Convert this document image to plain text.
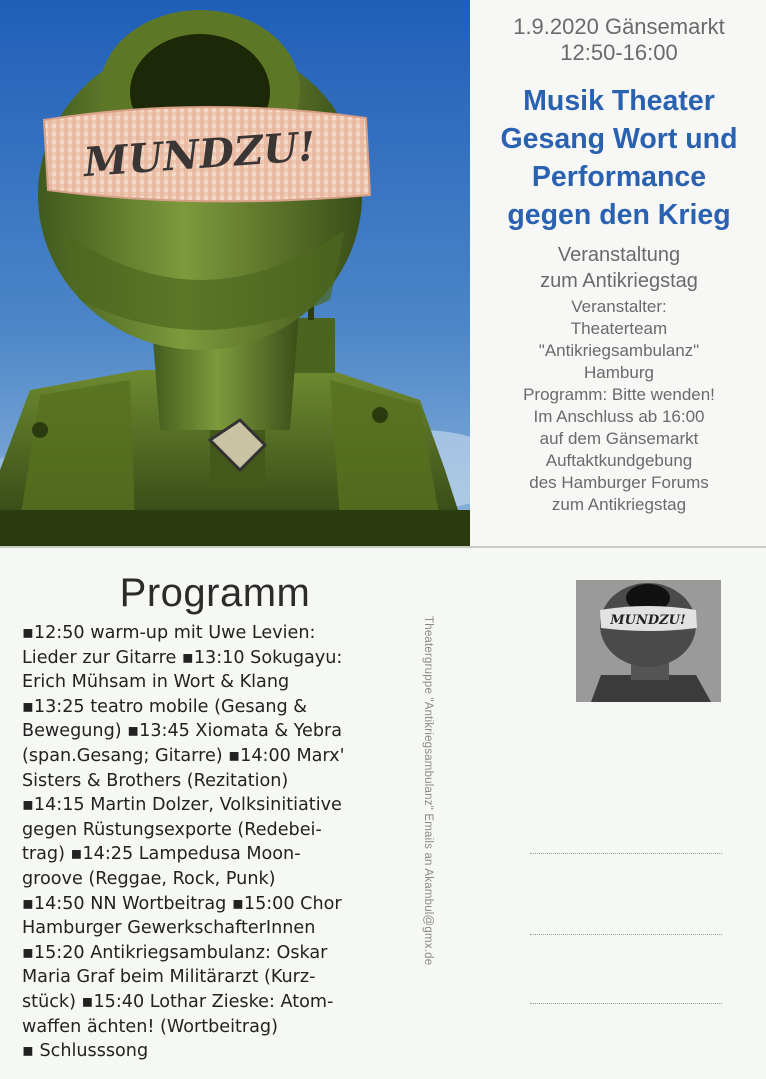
MUNDZU!
1.9.2020 Gänsemarkt
12:50-16:00
Musik Theater
Gesang Wort und
Performance
gegen den Krieg
Veranstaltung
zum Antikriegstag
Veranstalter:
Theaterteam
"Antikriegsambulanz"
Hamburg
Programm: Bitte wenden!
Im Anschluss ab 16:00
auf dem Gänsemarkt
Auftaktkundgebung
des Hamburger Forums
zum Antikriegstag
Programm
▪12:50 warm-up mit Uwe Levien:
Lieder zur Gitarre ▪13:10 Sokugayu:
Erich Mühsam in Wort & Klang
▪13:25 teatro mobile (Gesang &
Bewegung) ▪13:45 Xiomata & Yebra
(span.Gesang; Gitarre) ▪14:00 Marx'
Sisters & Brothers (Rezitation)
▪14:15 Martin Dolzer, Volksinitiative
gegen Rüstungsexporte (Redebei-
trag) ▪14:25 Lampedusa Moon-
groove (Reggae, Rock, Punk)
▪14:50 NN Wortbeitrag ▪15:00 Chor
Hamburger GewerkschafterInnen
▪15:20 Antikriegsambulanz: Oskar
Maria Graf beim Militärarzt (Kurz-
stück) ▪15:40 Lothar Zieske: Atom-
waffen ächten! (Wortbeitrag)
▪ Schlusssong
Theatergruppe "Antikriegsambulanz" Emails an Akambul@gmx.de	MUNDZU!
